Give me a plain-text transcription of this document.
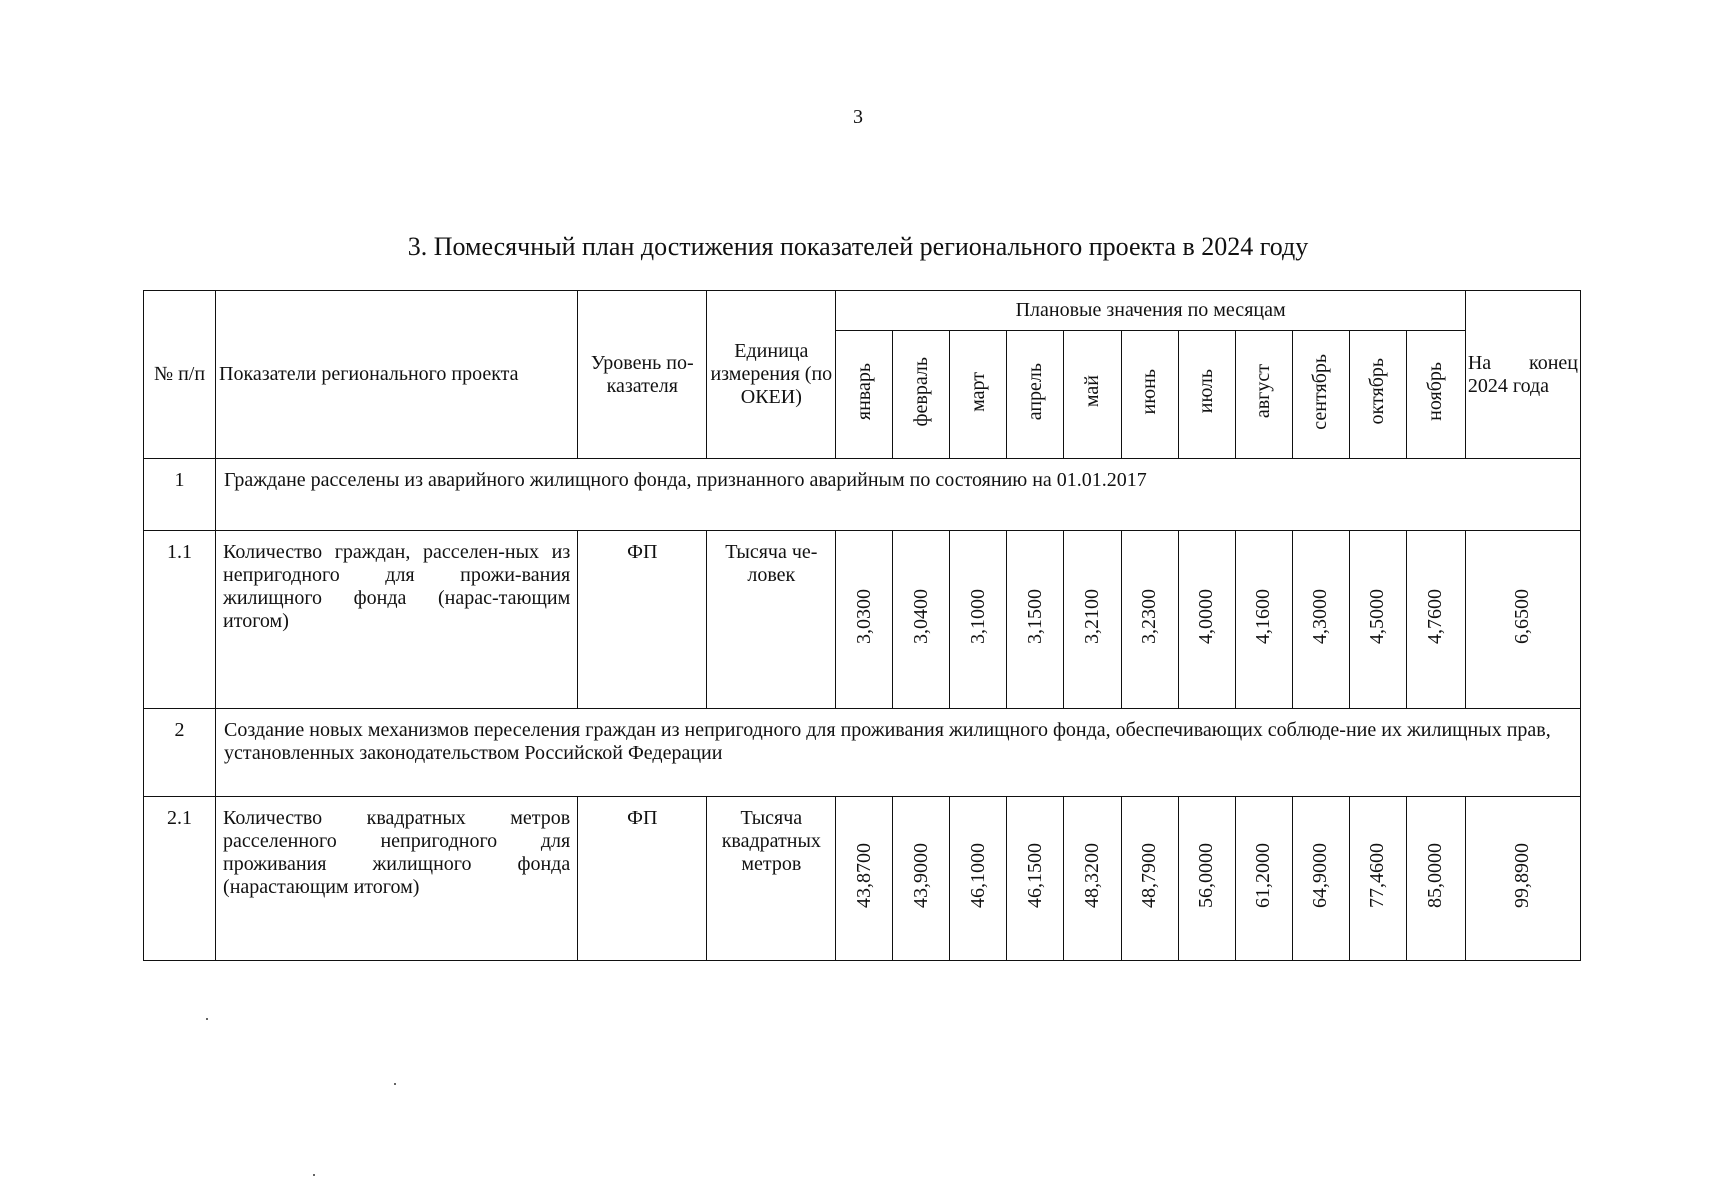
3
3. Помесячный план достижения показателей регионального проекта в 2024 году
№ п/п	Показатели регионального проекта	Уровень по-казателя	Единица измерения (по ОКЕИ)	Плановые значения по месяцам											На конец 2024 года
				январь	февраль	март	апрель	май	июнь	июль	август	сентябрь	октябрь	ноябрь	
1	Граждане расселены из аварийного жилищного фонда, признанного аварийным по состоянию на 01.01.2017														
1.1	Количество граждан, расселен-ных из непригодного для прожи-вания жилищного фонда (нарас-тающим итогом)	ФП	Тысяча че-ловек	3,0300	3,0400	3,1000	3,1500	3,2100	3,2300	4,0000	4,1600	4,3000	4,5000	4,7600	6,6500
2	Создание новых механизмов переселения граждан из непригодного для проживания жилищного фонда, обеспечивающих соблюде-ние их жилищных прав, установленных законодательством Российской Федерации														
2.1	Количество квадратных метров расселенного непригодного для проживания жилищного фонда (нарастающим итогом)	ФП	Тысяча квадратных метров	43,8700	43,9000	46,1000	46,1500	48,3200	48,7900	56,0000	61,2000	64,9000	77,4600	85,0000	99,8900
